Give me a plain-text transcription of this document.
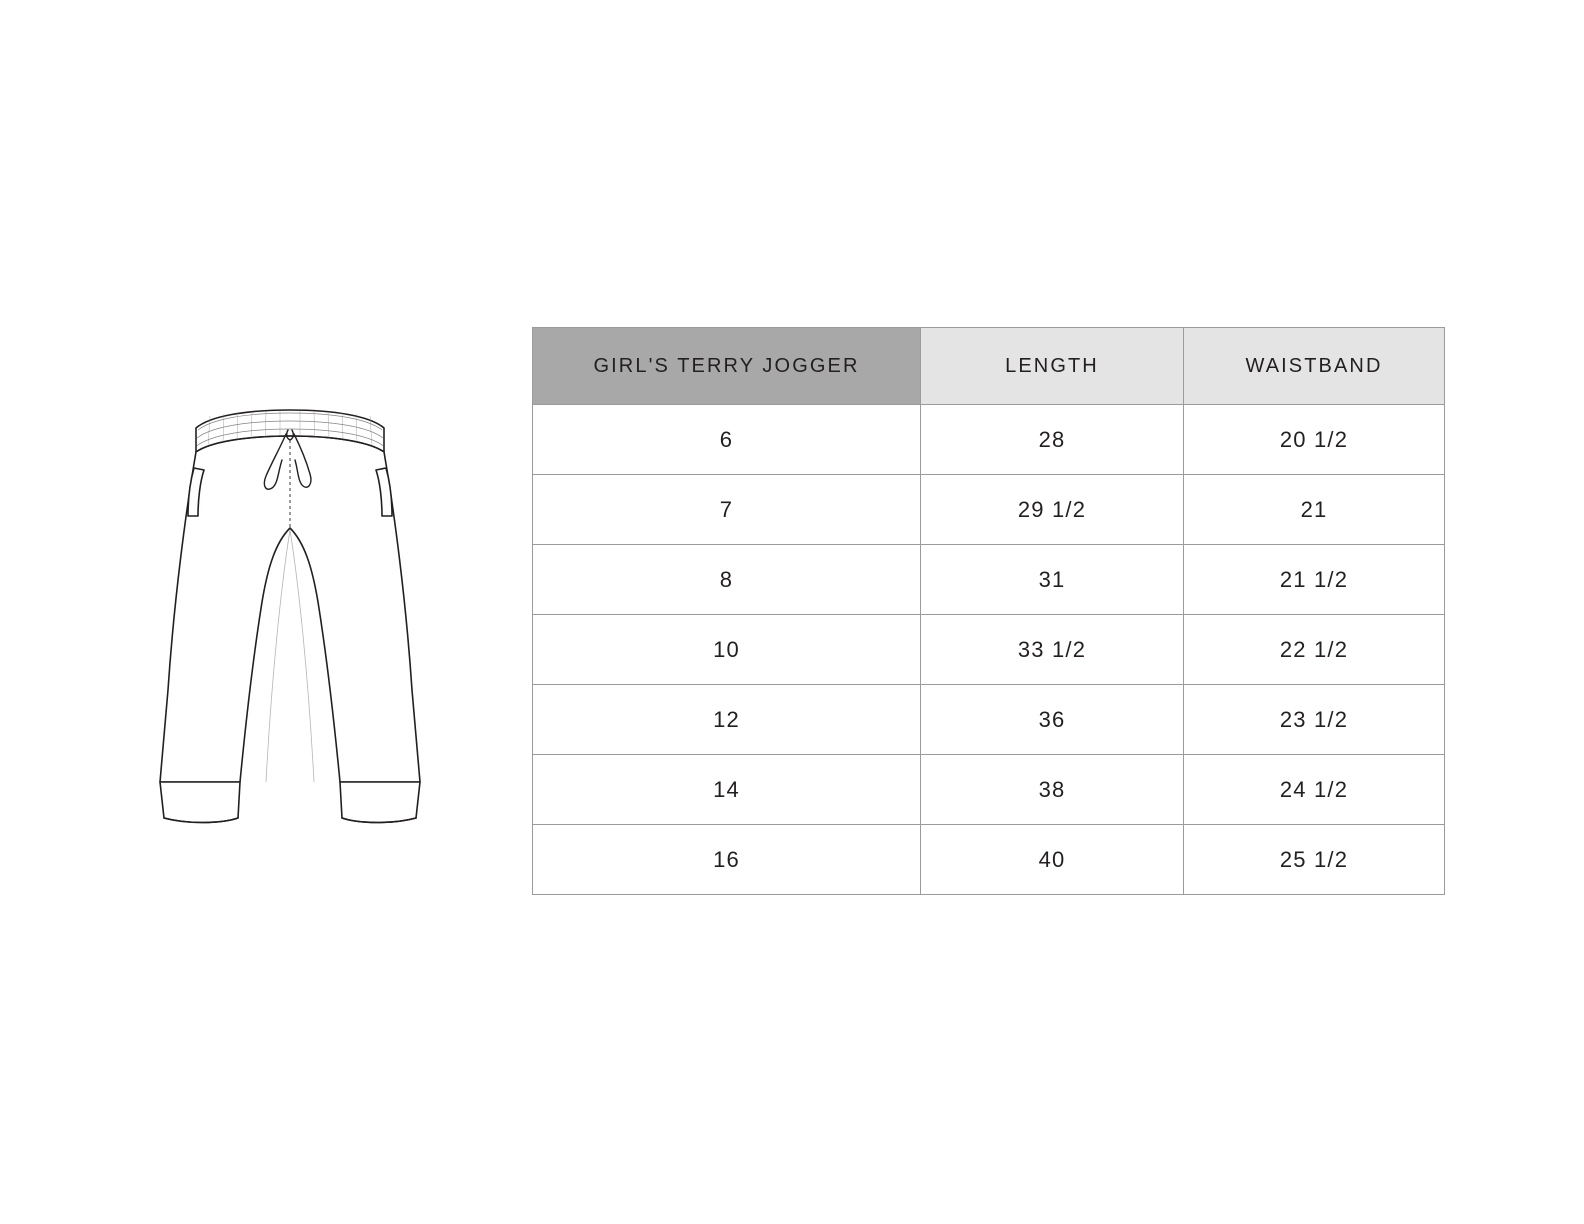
GIRL'S TERRY JOGGER	LENGTH	WAISTBAND
6	28	20 1/2
7	29 1/2	21
8	31	21 1/2
10	33 1/2	22 1/2
12	36	23 1/2
14	38	24 1/2
16	40	25 1/2
